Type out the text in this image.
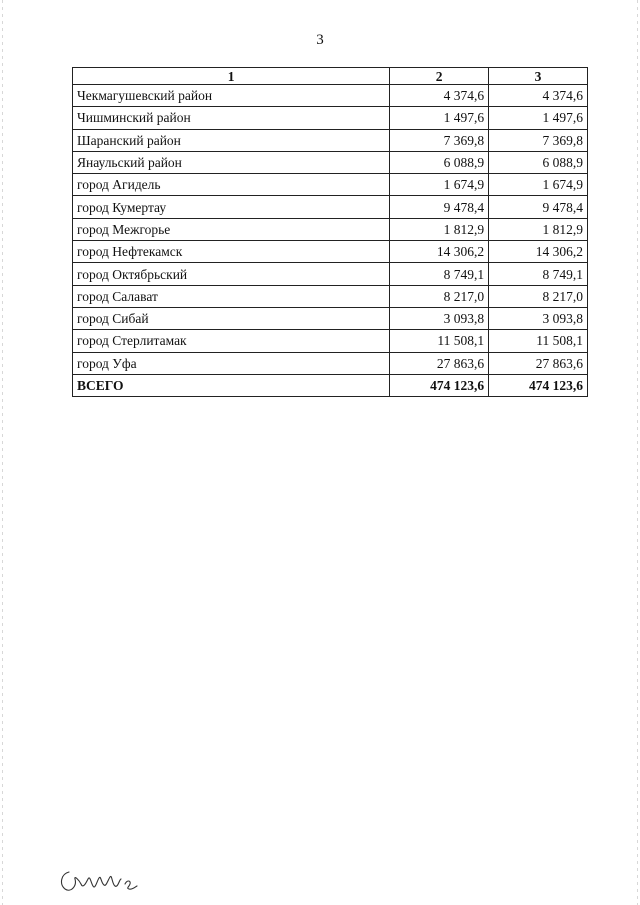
3
1	2	3
Чекмагушевский район	4 374,6	4 374,6
Чишминский район	1 497,6	1 497,6
Шаранский район	7 369,8	7 369,8
Янаульский район	6 088,9	6 088,9
город Агидель	1 674,9	1 674,9
город Кумертау	9 478,4	9 478,4
город Межгорье	1 812,9	1 812,9
город Нефтекамск	14 306,2	14 306,2
город Октябрьский	8 749,1	8 749,1
город Салават	8 217,0	8 217,0
город Сибай	3 093,8	3 093,8
город Стерлитамак	11 508,1	11 508,1
город Уфа	27 863,6	27 863,6
ВСЕГО	474 123,6	474 123,6
